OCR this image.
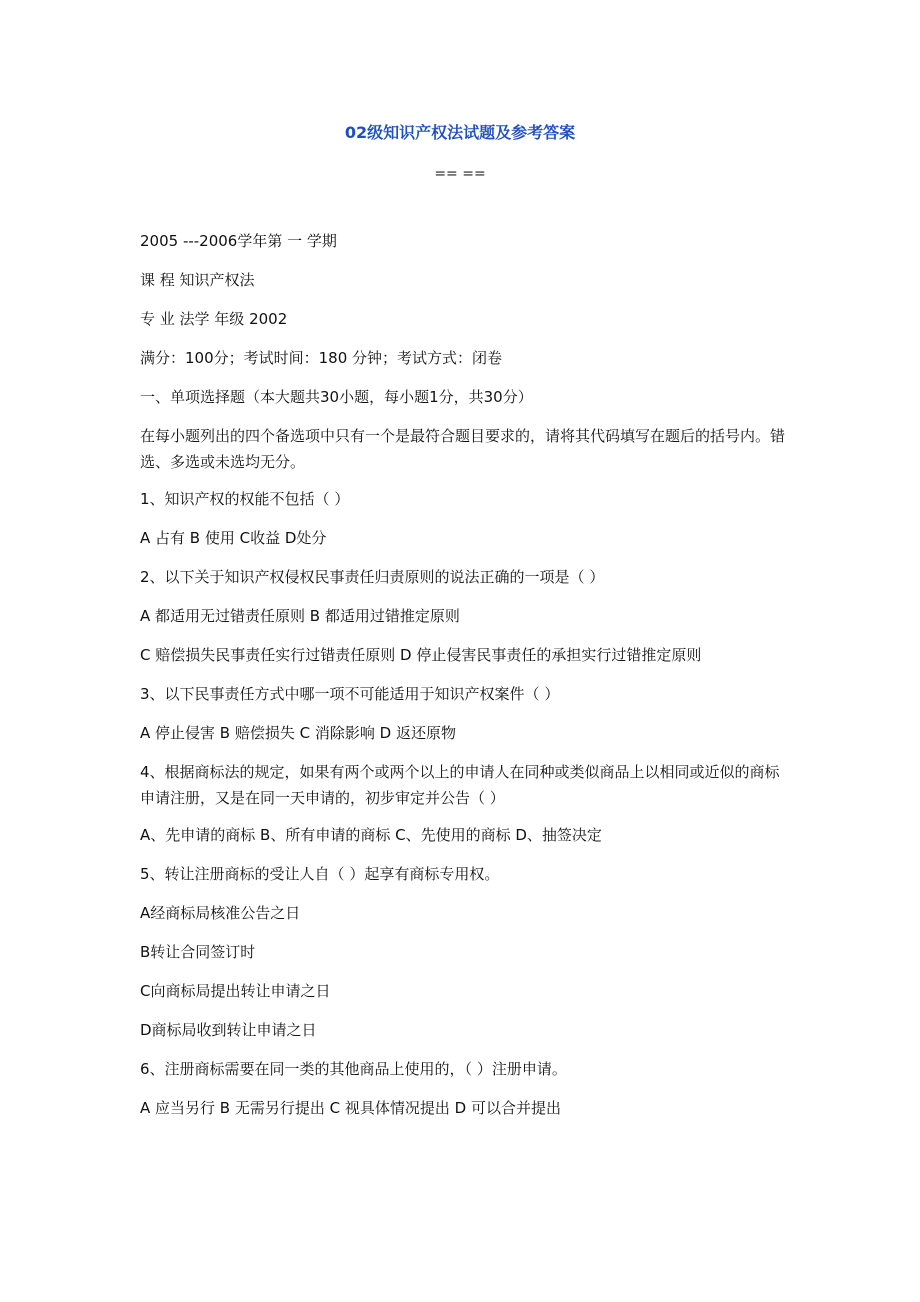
02级知识产权法试题及参考答案
== ==

2005 ---2006学年第 一 学期

课 程 知识产权法

专 业 法学 年级 2002

满分：100分；考试时间：180 分钟；考试方式：闭卷

一、单项选择题（本大题共30小题，每小题1分，共30分）

在每小题列出的四个备选项中只有一个是最符合题目要求的，请将其代码填写在题后的括号内。错选、多选或未选均无分。

1、知识产权的权能不包括（ ）

A 占有 B 使用 C收益 D处分

2、以下关于知识产权侵权民事责任归责原则的说法正确的一项是（ ）

A 都适用无过错责任原则 B 都适用过错推定原则

C 赔偿损失民事责任实行过错责任原则 D 停止侵害民事责任的承担实行过错推定原则

3、以下民事责任方式中哪一项不可能适用于知识产权案件（ ）

A 停止侵害 B 赔偿损失 C 消除影响 D 返还原物

4、根据商标法的规定，如果有两个或两个以上的申请人在同种或类似商品上以相同或近似的商标申请注册，又是在同一天申请的，初步审定并公告（ ）

A、先申请的商标 B、所有申请的商标 C、先使用的商标 D、抽签决定

5、转让注册商标的受让人自（ ）起享有商标专用权。

A经商标局核准公告之日

B转让合同签订时

C向商标局提出转让申请之日

D商标局收到转让申请之日

6、注册商标需要在同一类的其他商品上使用的，（ ）注册申请。

A 应当另行 B 无需另行提出 C 视具体情况提出 D 可以合并提出
